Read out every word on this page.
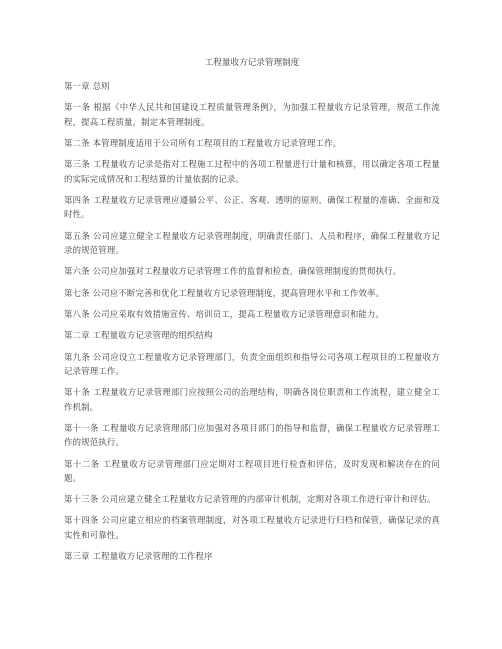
工程量收方记录管理制度
第一章 总则
第一条 根据《中华人民共和国建设工程质量管理条例》，为加强工程量收方记录管理，规范工作流程，提高工程质量，制定本管理制度。
第二条 本管理制度适用于公司所有工程项目的工程量收方记录管理工作。
第三条 工程量收方记录是指对工程施工过程中的各项工程量进行计量和核算，用以确定各项工程量的实际完成情况和工程结算的计量依据的记录。
第四条 工程量收方记录管理应遵循公平、公正、客观、透明的原则，确保工程量的准确、全面和及时性。
第五条 公司应建立健全工程量收方记录管理制度，明确责任部门、人员和程序，确保工程量收方记录的规范管理。
第六条 公司应加强对工程量收方记录管理工作的监督和检查，确保管理制度的贯彻执行。
第七条 公司应不断完善和优化工程量收方记录管理制度，提高管理水平和工作效率。
第八条 公司应采取有效措施宣传、培训员工，提高工程量收方记录管理意识和能力。
第二章 工程量收方记录管理的组织结构
第九条 公司应设立工程量收方记录管理部门，负责全面组织和指导公司各项工程项目的工程量收方记录管理工作。
第十条 工程量收方记录管理部门应按照公司的治理结构，明确各岗位职责和工作流程，建立健全工作机制。
第十一条 工程量收方记录管理部门应加强对各项目部门的指导和监督，确保工程量收方记录管理工作的规范执行。
第十二条 工程量收方记录管理部门应定期对工程项目进行检查和评估，及时发现和解决存在的问题。
第十三条 公司应建立健全工程量收方记录管理的内部审计机制，定期对各项工作进行审计和评估。
第十四条 公司应建立相应的档案管理制度，对各项工程量收方记录进行归档和保管，确保记录的真实性和可靠性。
第三章 工程量收方记录管理的工作程序
